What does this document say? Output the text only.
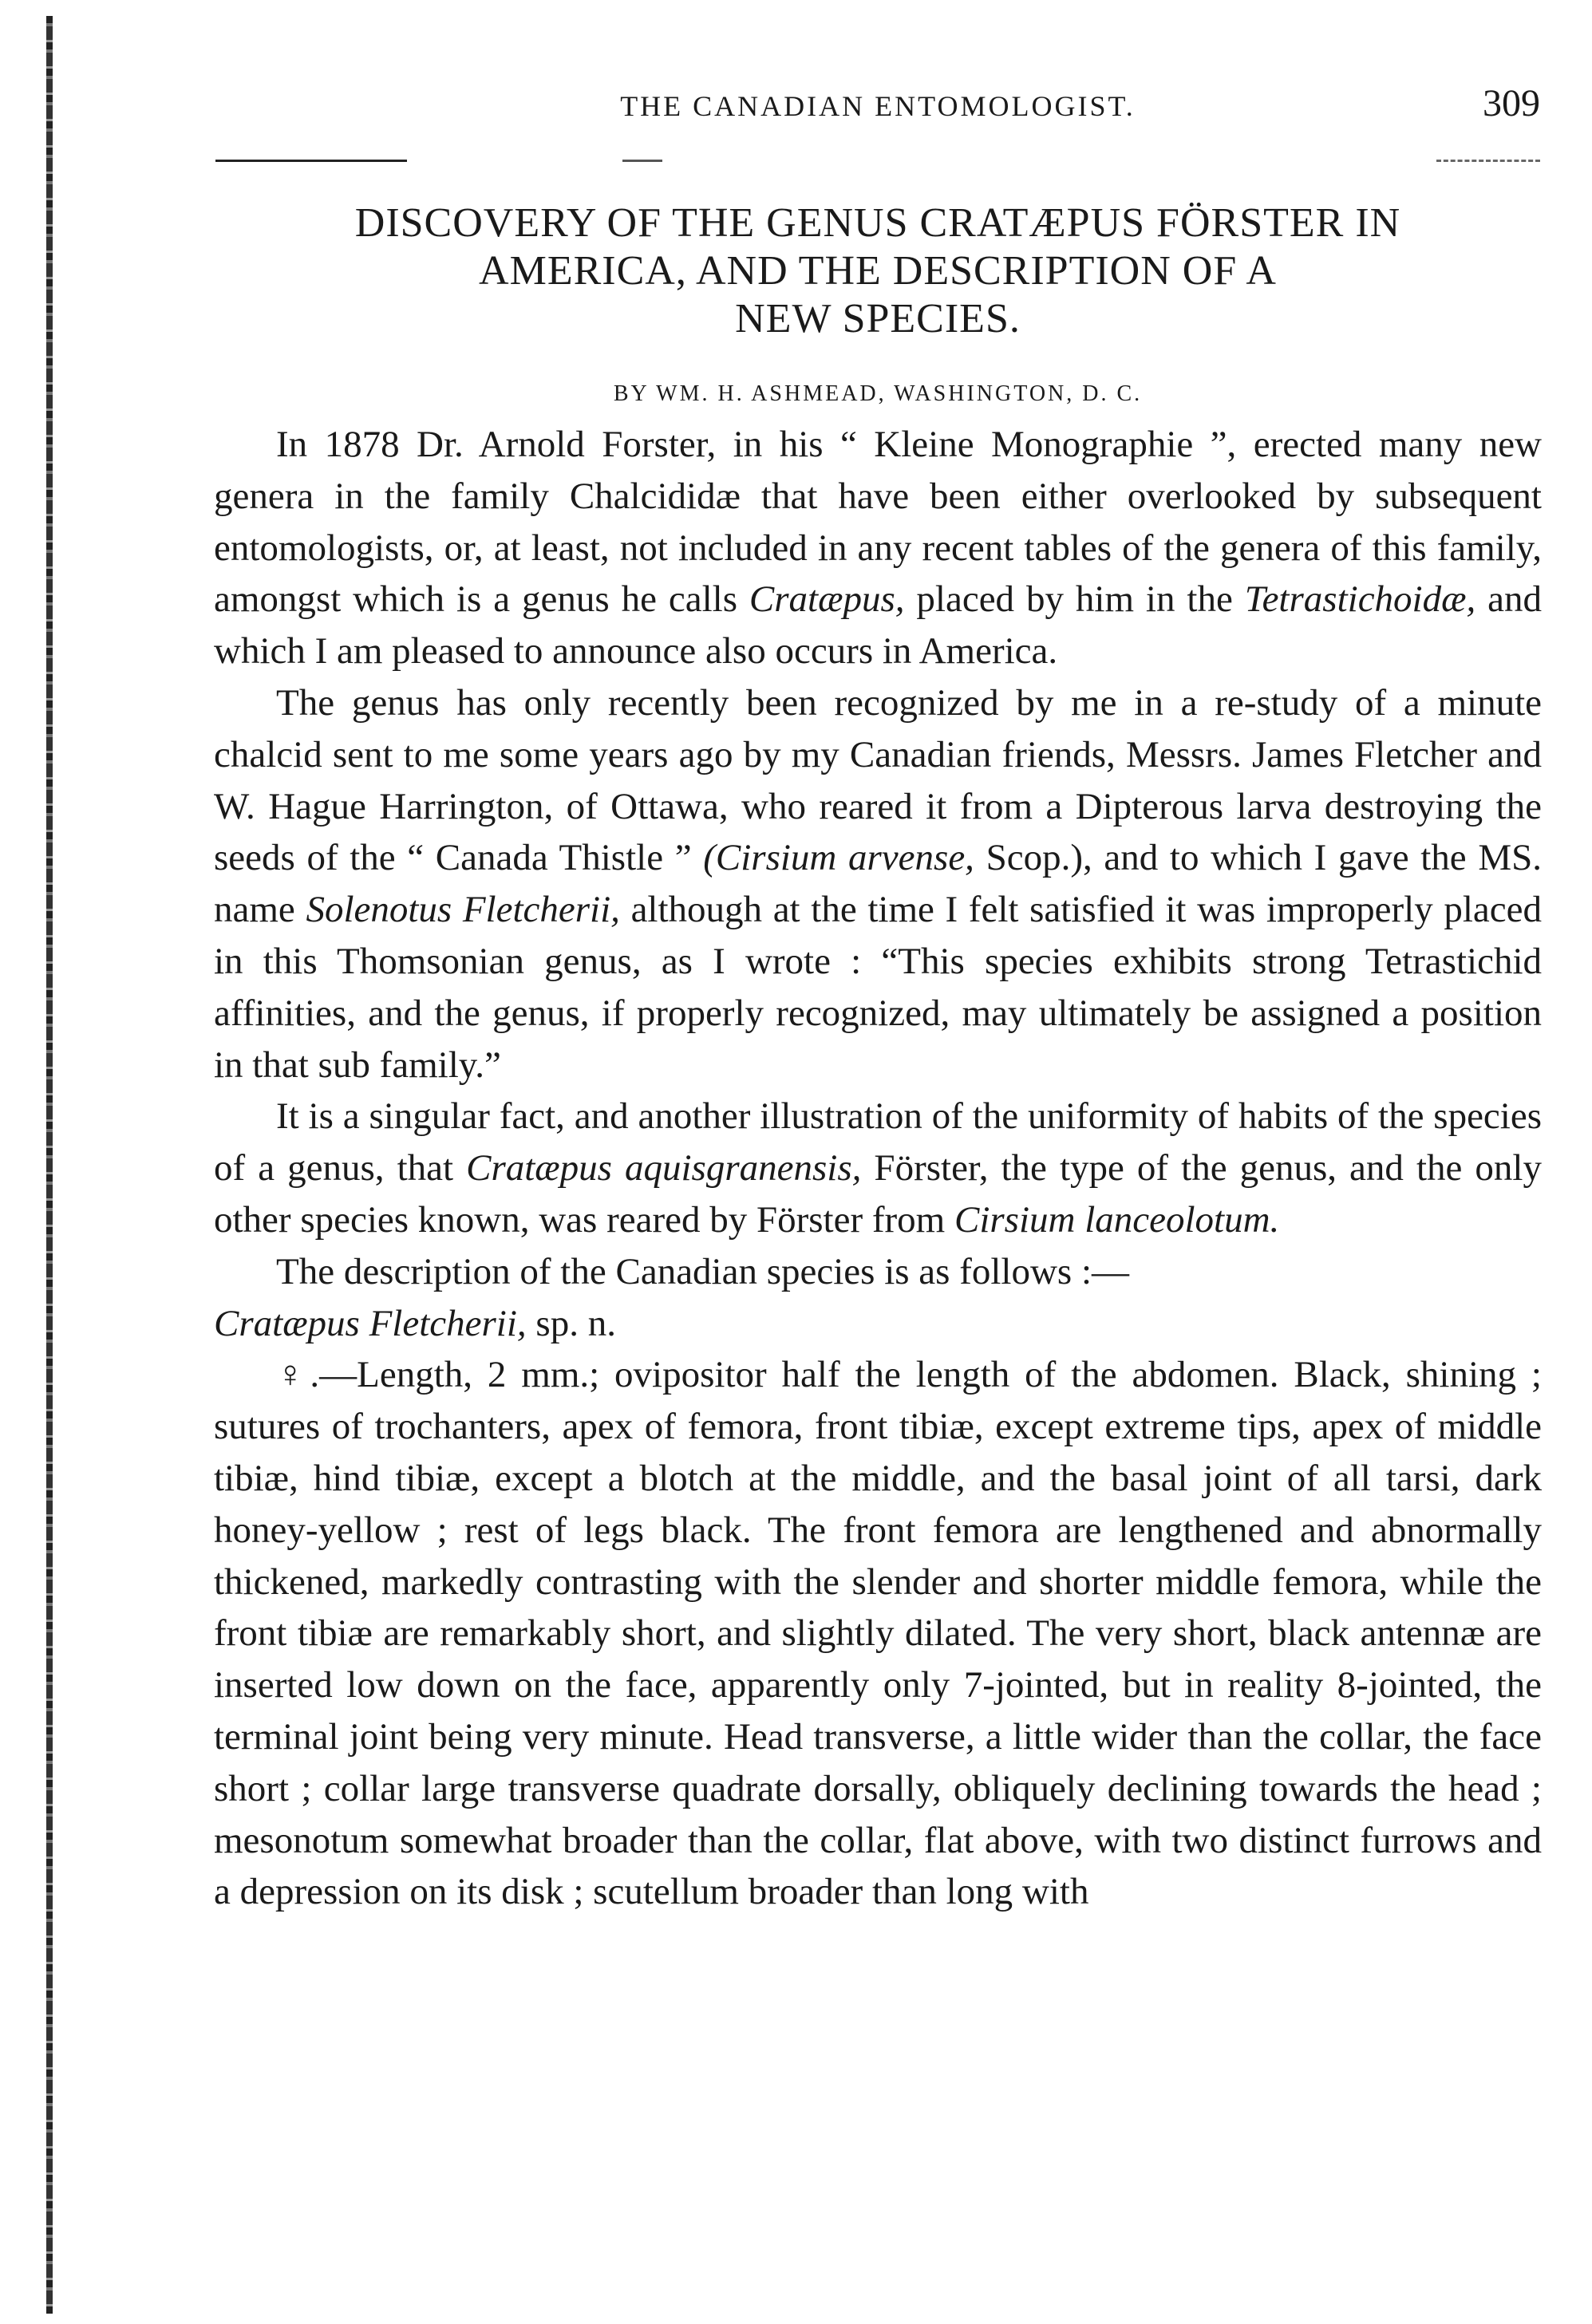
THE CANADIAN ENTOMOLOGIST.	309
DISCOVERY OF THE GENUS CRATÆPUS FÖRSTER IN
AMERICA, AND THE DESCRIPTION OF A
NEW SPECIES.
BY WM. H. ASHMEAD, WASHINGTON, D. C.

In 1878 Dr. Arnold Forster, in his “ Kleine Monographie ”, erected many new genera in the family Chalcididæ that have been either overlooked by subsequent entomologists, or, at least, not included in any recent tables of the genera of this family, amongst which is a genus he calls Cratæpus, placed by him in the Tetrastichoidæ, and which I am pleased to announce also occurs in America.

The genus has only recently been recognized by me in a re-study of a minute chalcid sent to me some years ago by my Canadian friends, Messrs. James Fletcher and W. Hague Harrington, of Ottawa, who reared it from a Dipterous larva destroying the seeds of the “ Canada Thistle ” (Cirsium arvense, Scop.), and to which I gave the MS. name Solenotus Fletcherii, although at the time I felt satisfied it was improperly placed in this Thomsonian genus, as I wrote : “This species exhibits strong Tetrastichid affinities, and the genus, if properly recognized, may ultimately be assigned a position in that sub family.”

It is a singular fact, and another illustration of the uniformity of habits of the species of a genus, that Cratæpus aquisgranensis, Förster, the type of the genus, and the only other species known, was reared by Förster from Cirsium lanceolotum.

The description of the Canadian species is as follows :—

Cratæpus Fletcherii, sp. n.

♀.—Length, 2 mm.; ovipositor half the length of the abdomen. Black, shining ; sutures of trochanters, apex of femora, front tibiæ, except extreme tips, apex of middle tibiæ, hind tibiæ, except a blotch at the middle, and the basal joint of all tarsi, dark honey-yellow ; rest of legs black. The front femora are lengthened and abnormally thickened, markedly contrasting with the slender and shorter middle femora, while the front tibiæ are remarkably short, and slightly dilated. The very short, black antennæ are inserted low down on the face, apparently only 7-jointed, but in reality 8-jointed, the terminal joint being very minute. Head transverse, a little wider than the collar, the face short ; collar large transverse quadrate dorsally, obliquely declining towards the head ; mesonotum somewhat broader than the collar, flat above, with two distinct furrows and a depression on its disk ; scutellum broader than long with
